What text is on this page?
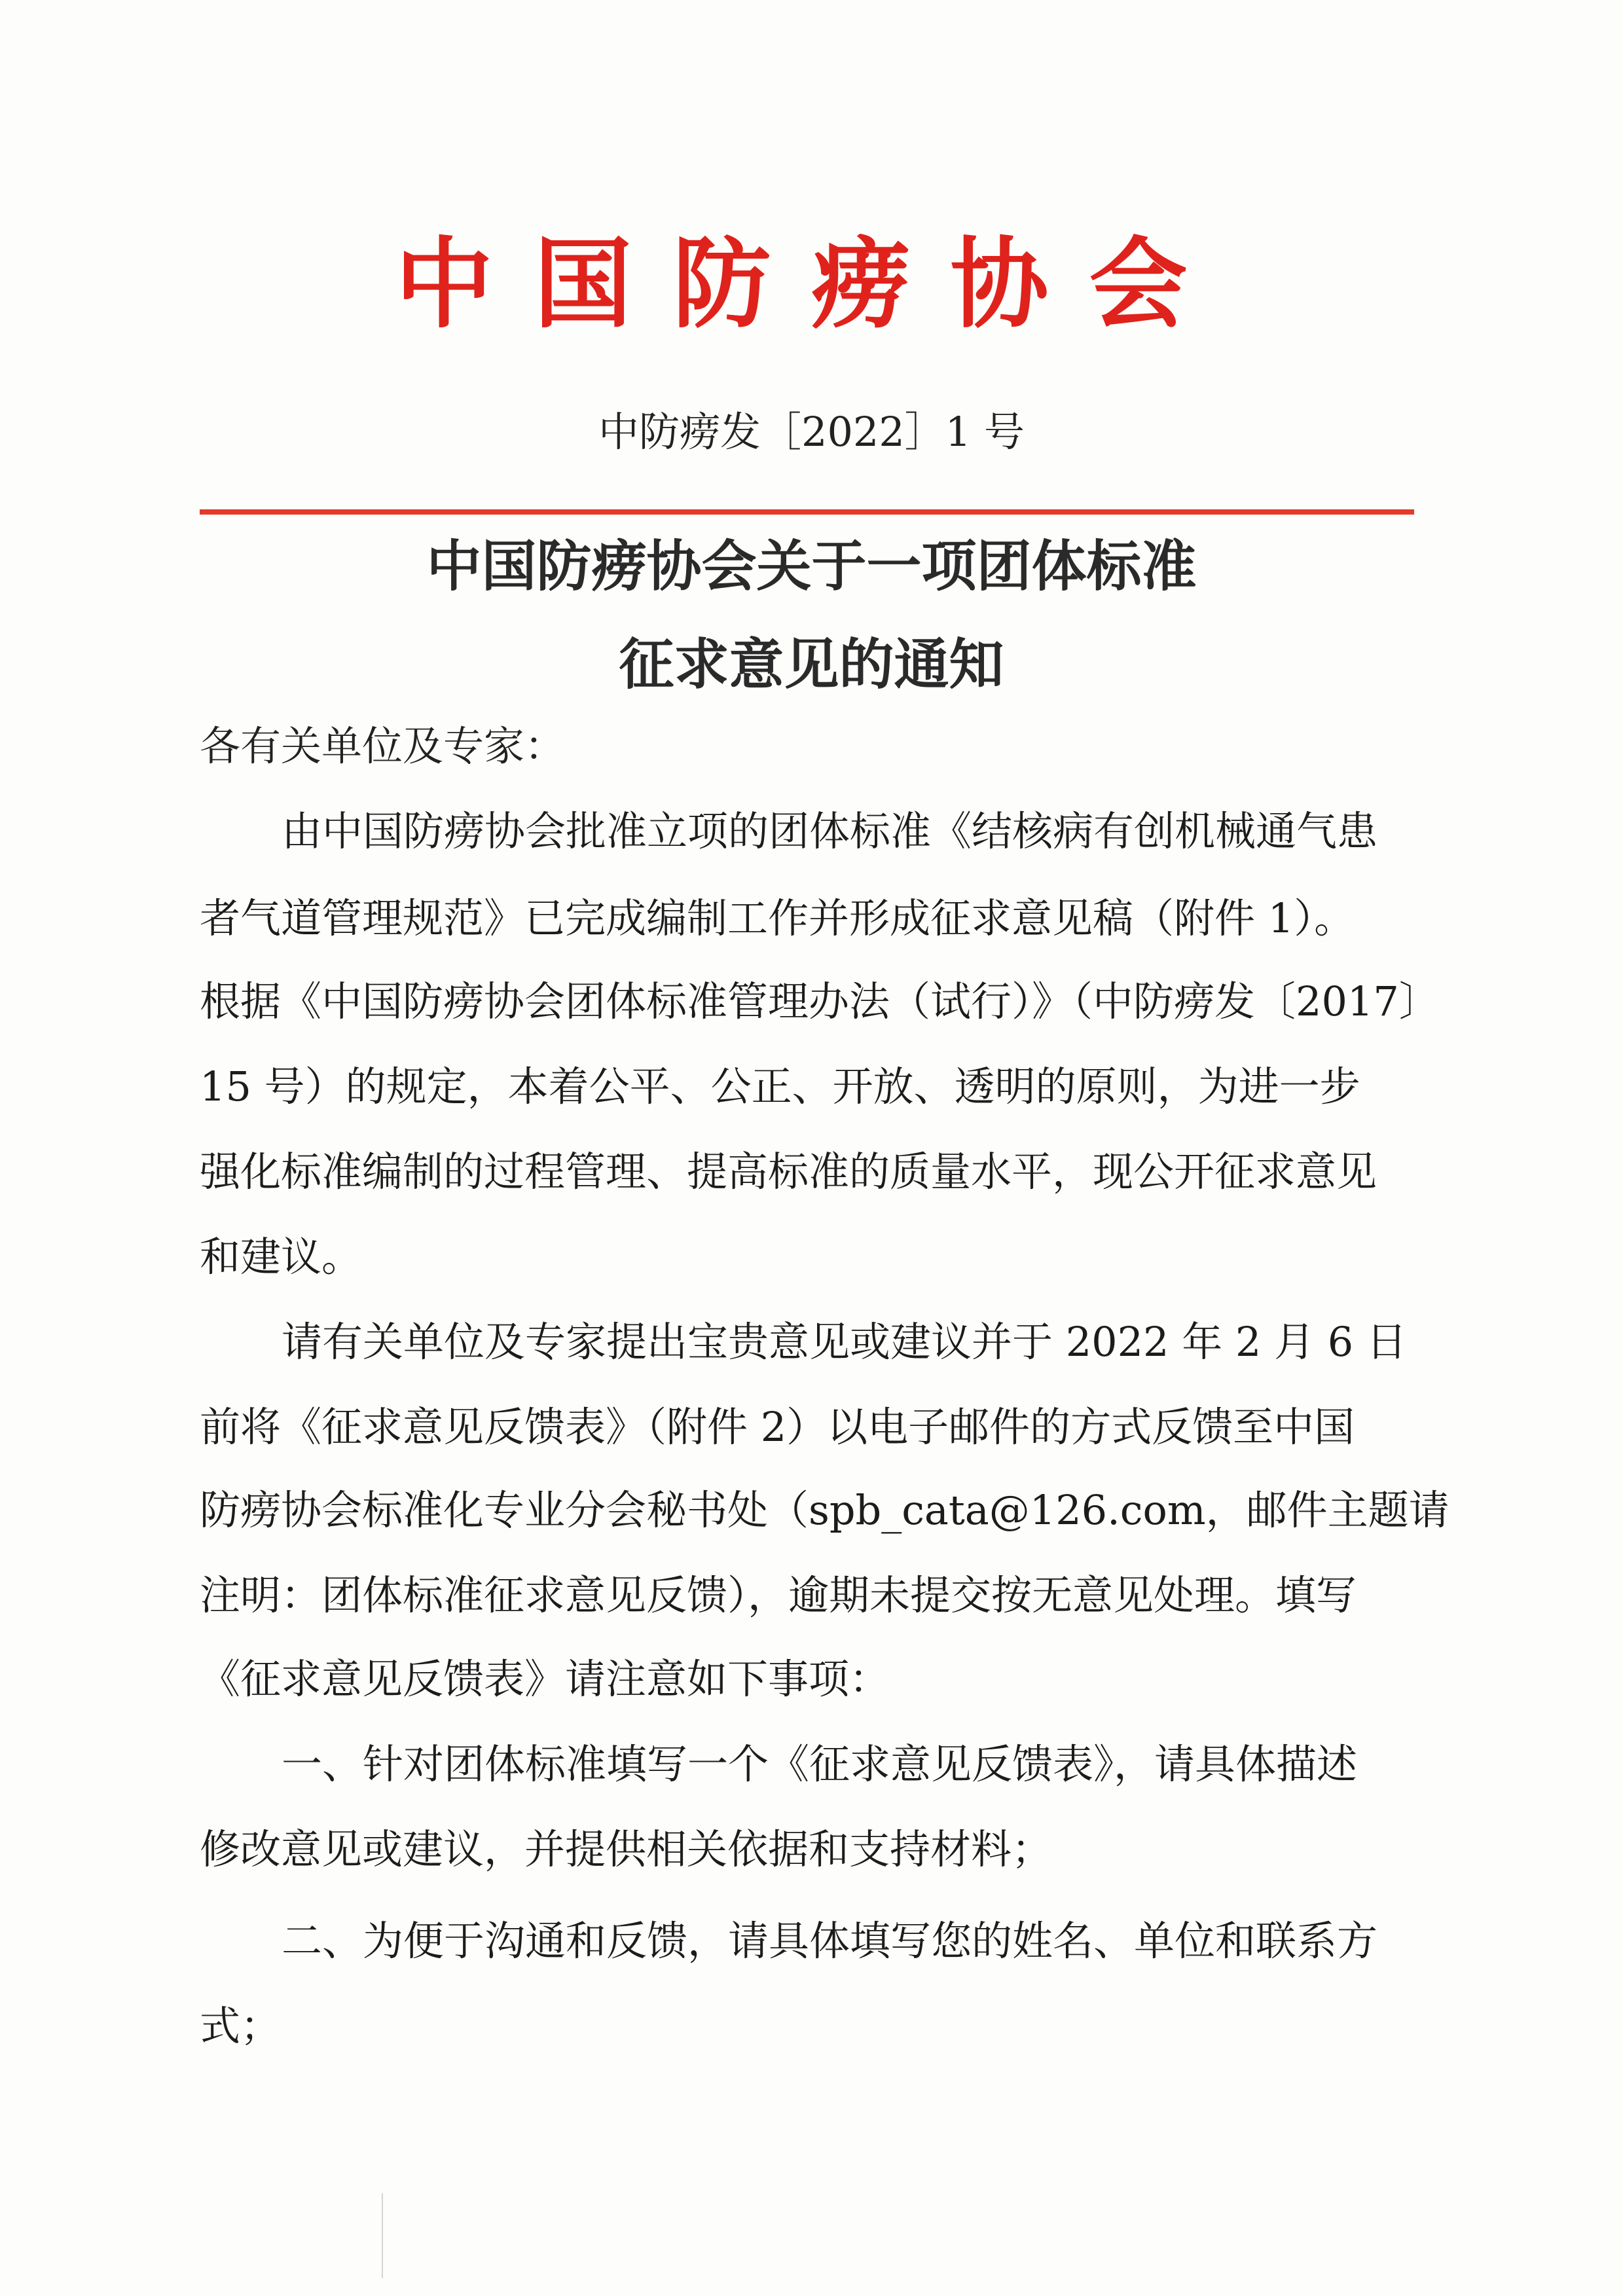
中国防痨协会
中防痨发［2022］1 号
中国防痨协会关于一项团体标准
征求意见的通知
各有关单位及专家：
由中国防痨协会批准立项的团体标准《结核病有创机械通气患
者气道管理规范》已完成编制工作并形成征求意见稿（附件 1）。
根据《中国防痨协会团体标准管理办法（试行）》（中防痨发〔2017〕
15 号）的规定，本着公平、公正、开放、透明的原则，为进一步
强化标准编制的过程管理、提高标准的质量水平，现公开征求意见
和建议。
请有关单位及专家提出宝贵意见或建议并于 2022 年 2 月 6 日
前将《征求意见反馈表》（附件 2）以电子邮件的方式反馈至中国
防痨协会标准化专业分会秘书处（spb_cata@126.com，邮件主题请
注明：团体标准征求意见反馈），逾期未提交按无意见处理。填写
《征求意见反馈表》请注意如下事项：
一、针对团体标准填写一个《征求意见反馈表》，请具体描述
修改意见或建议，并提供相关依据和支持材料；
二、为便于沟通和反馈，请具体填写您的姓名、单位和联系方
式；
